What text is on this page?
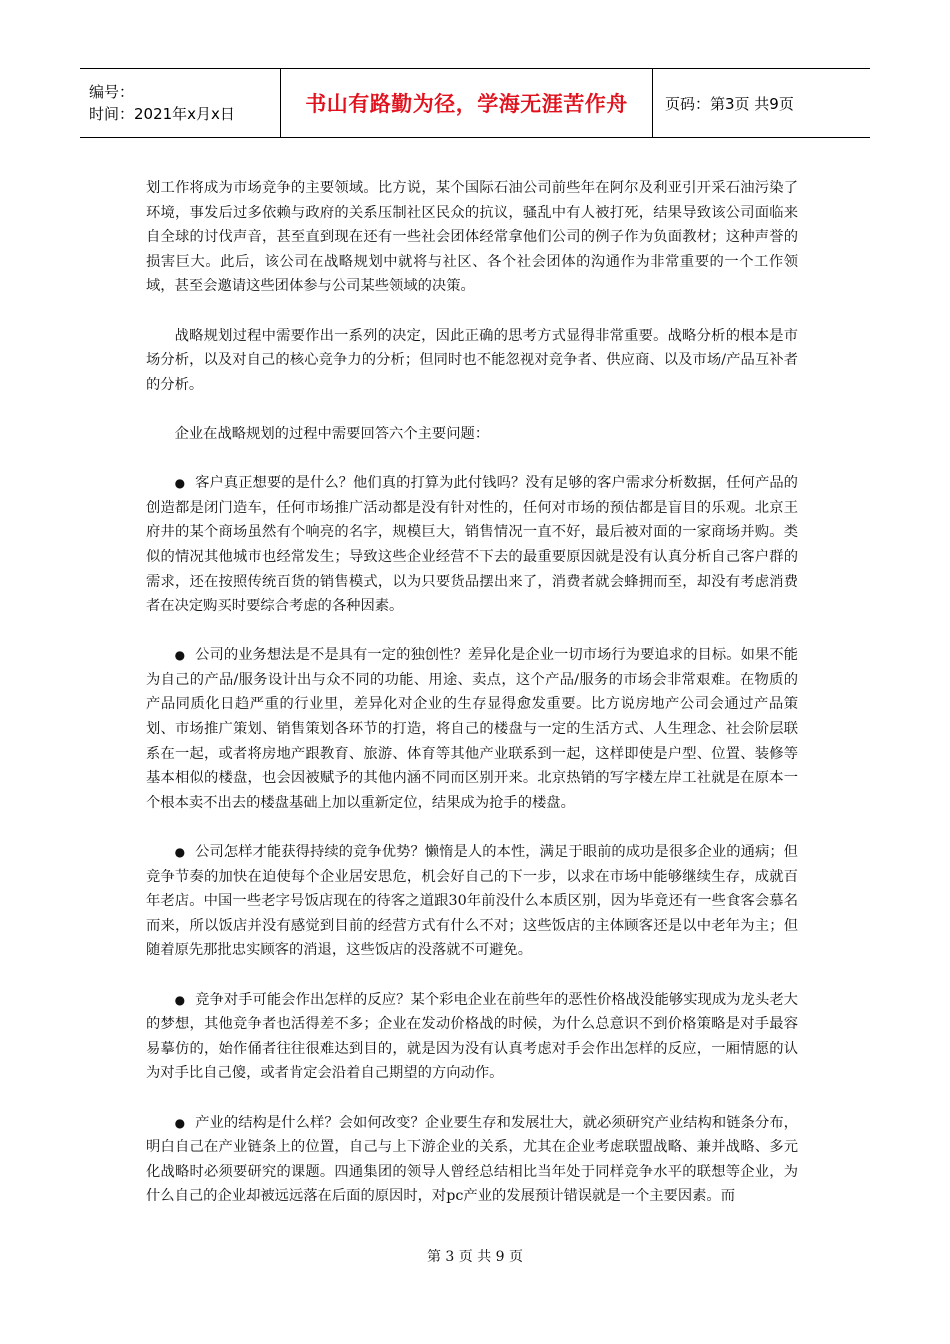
编号：
时间：2021年x月x日	书山有路勤为径，学海无涯苦作舟	页码：第3页 共9页

划工作将成为市场竞争的主要领域。比方说，某个国际石油公司前些年在阿尔及利亚引开采石油污染了环境，事发后过多依赖与政府的关系压制社区民众的抗议，骚乱中有人被打死，结果导致该公司面临来自全球的讨伐声音，甚至直到现在还有一些社会团体经常拿他们公司的例子作为负面教材；这种声誉的损害巨大。此后，该公司在战略规划中就将与社区、各个社会团体的沟通作为非常重要的一个工作领域，甚至会邀请这些团体参与公司某些领域的决策。

战略规划过程中需要作出一系列的决定，因此正确的思考方式显得非常重要。战略分析的根本是市场分析，以及对自己的核心竞争力的分析；但同时也不能忽视对竞争者、供应商、以及市场/产品互补者的分析。

企业在战略规划的过程中需要回答六个主要问题：

● 客户真正想要的是什么？他们真的打算为此付钱吗？没有足够的客户需求分析数据，任何产品的创造都是闭门造车，任何市场推广活动都是没有针对性的，任何对市场的预估都是盲目的乐观。北京王府井的某个商场虽然有个响亮的名字，规模巨大，销售情况一直不好，最后被对面的一家商场并购。类似的情况其他城市也经常发生；导致这些企业经营不下去的最重要原因就是没有认真分析自己客户群的需求，还在按照传统百货的销售模式，以为只要货品摆出来了，消费者就会蜂拥而至，却没有考虑消费者在决定购买时要综合考虑的各种因素。

● 公司的业务想法是不是具有一定的独创性？差异化是企业一切市场行为要追求的目标。如果不能为自己的产品/服务设计出与众不同的功能、用途、卖点，这个产品/服务的市场会非常艰难。在物质的产品同质化日趋严重的行业里，差异化对企业的生存显得愈发重要。比方说房地产公司会通过产品策划、市场推广策划、销售策划各环节的打造，将自己的楼盘与一定的生活方式、人生理念、社会阶层联系在一起，或者将房地产跟教育、旅游、体育等其他产业联系到一起，这样即使是户型、位置、装修等基本相似的楼盘，也会因被赋予的其他内涵不同而区别开来。北京热销的写字楼左岸工社就是在原本一个根本卖不出去的楼盘基础上加以重新定位，结果成为抢手的楼盘。

● 公司怎样才能获得持续的竞争优势？懒惰是人的本性，满足于眼前的成功是很多企业的通病；但竞争节奏的加快在迫使每个企业居安思危，机会好自己的下一步，以求在市场中能够继续生存，成就百年老店。中国一些老字号饭店现在的待客之道跟30年前没什么本质区别，因为毕竟还有一些食客会慕名而来，所以饭店并没有感觉到目前的经营方式有什么不对；这些饭店的主体顾客还是以中老年为主；但随着原先那批忠实顾客的消退，这些饭店的没落就不可避免。

● 竞争对手可能会作出怎样的反应？某个彩电企业在前些年的恶性价格战没能够实现成为龙头老大的梦想，其他竞争者也活得差不多；企业在发动价格战的时候，为什么总意识不到价格策略是对手最容易摹仿的，始作俑者往往很难达到目的，就是因为没有认真考虑对手会作出怎样的反应，一厢情愿的认为对手比自己傻，或者肯定会沿着自己期望的方向动作。

● 产业的结构是什么样？会如何改变？企业要生存和发展壮大，就必须研究产业结构和链条分布，明白自己在产业链条上的位置，自己与上下游企业的关系，尤其在企业考虑联盟战略、兼并战略、多元化战略时必须要研究的课题。四通集团的领导人曾经总结相比当年处于同样竞争水平的联想等企业，为什么自己的企业却被远远落在后面的原因时，对pc产业的发展预计错误就是一个主要因素。而

第 3 页 共 9 页
